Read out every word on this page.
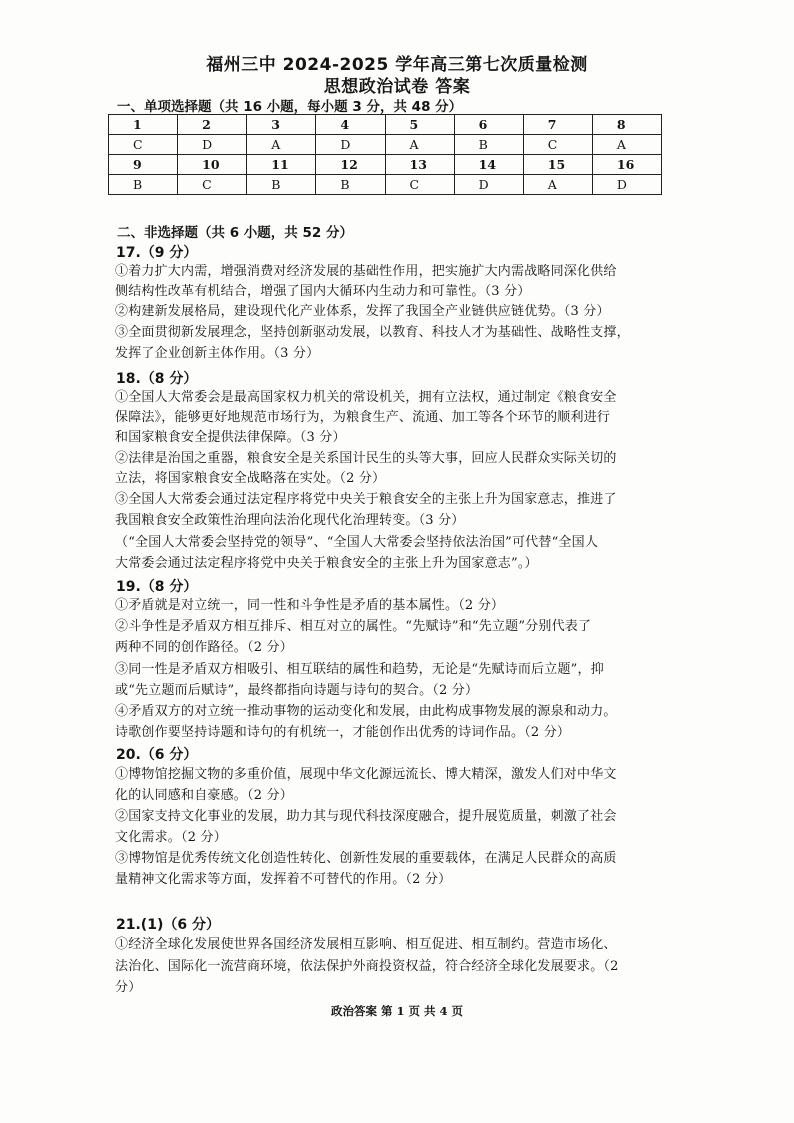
福州三中 2024-2025 学年高三第七次质量检测
思想政治试卷 答案
一、单项选择题（共 16 小题，每小题 3 分，共 48 分）
1	2	3	4	5	6	7	8
C	D	A	D	A	B	C	A
9	10	11	12	13	14	15	16
B	C	B	B	C	D	A	D
二、非选择题（共 6 小题，共 52 分）
17.（9 分）
①着力扩大内需，增强消费对经济发展的基础性作用，把实施扩大内需战略同深化供给
侧结构性改革有机结合，增强了国内大循环内生动力和可靠性。（3 分）
②构建新发展格局，建设现代化产业体系，发挥了我国全产业链供应链优势。（3 分）
③全面贯彻新发展理念，坚持创新驱动发展，以教育、科技人才为基础性、战略性支撑，
发挥了企业创新主体作用。（3 分）
18.（8 分）
①全国人大常委会是最高国家权力机关的常设机关，拥有立法权，通过制定《粮食安全
保障法》，能够更好地规范市场行为，为粮食生产、流通、加工等各个环节的顺利进行
和国家粮食安全提供法律保障。（3 分）
②法律是治国之重器，粮食安全是关系国计民生的头等大事，回应人民群众实际关切的
立法，将国家粮食安全战略落在实处。（2 分）
③全国人大常委会通过法定程序将党中央关于粮食安全的主张上升为国家意志，推进了
我国粮食安全政策性治理向法治化现代化治理转变。（3 分）
（“全国人大常委会坚持党的领导”、“全国人大常委会坚持依法治国”可代替“全国人
大常委会通过法定程序将党中央关于粮食安全的主张上升为国家意志”。）
19.（8 分）
①矛盾就是对立统一，同一性和斗争性是矛盾的基本属性。（2 分）
②斗争性是矛盾双方相互排斥、相互对立的属性。“先赋诗”和“先立题”分别代表了
两种不同的创作路径。（2 分）
③同一性是矛盾双方相吸引、相互联结的属性和趋势，无论是“先赋诗而后立题”，抑
或“先立题而后赋诗”，最终都指向诗题与诗句的契合。（2 分）
④矛盾双方的对立统一推动事物的运动变化和发展，由此构成事物发展的源泉和动力。
诗歌创作要坚持诗题和诗句的有机统一，才能创作出优秀的诗词作品。（2 分）
20.（6 分）
①博物馆挖掘文物的多重价值，展现中华文化源远流长、博大精深，激发人们对中华文
化的认同感和自豪感。（2 分）
②国家支持文化事业的发展，助力其与现代科技深度融合，提升展览质量，刺激了社会
文化需求。（2 分）
③博物馆是优秀传统文化创造性转化、创新性发展的重要载体，在满足人民群众的高质
量精神文化需求等方面，发挥着不可替代的作用。（2 分）
21.(1)（6 分）
①经济全球化发展使世界各国经济发展相互影响、相互促进、相互制约。营造市场化、
法治化、国际化一流营商环境，依法保护外商投资权益，符合经济全球化发展要求。（2
分）
政治答案 第 1 页 共 4 页
